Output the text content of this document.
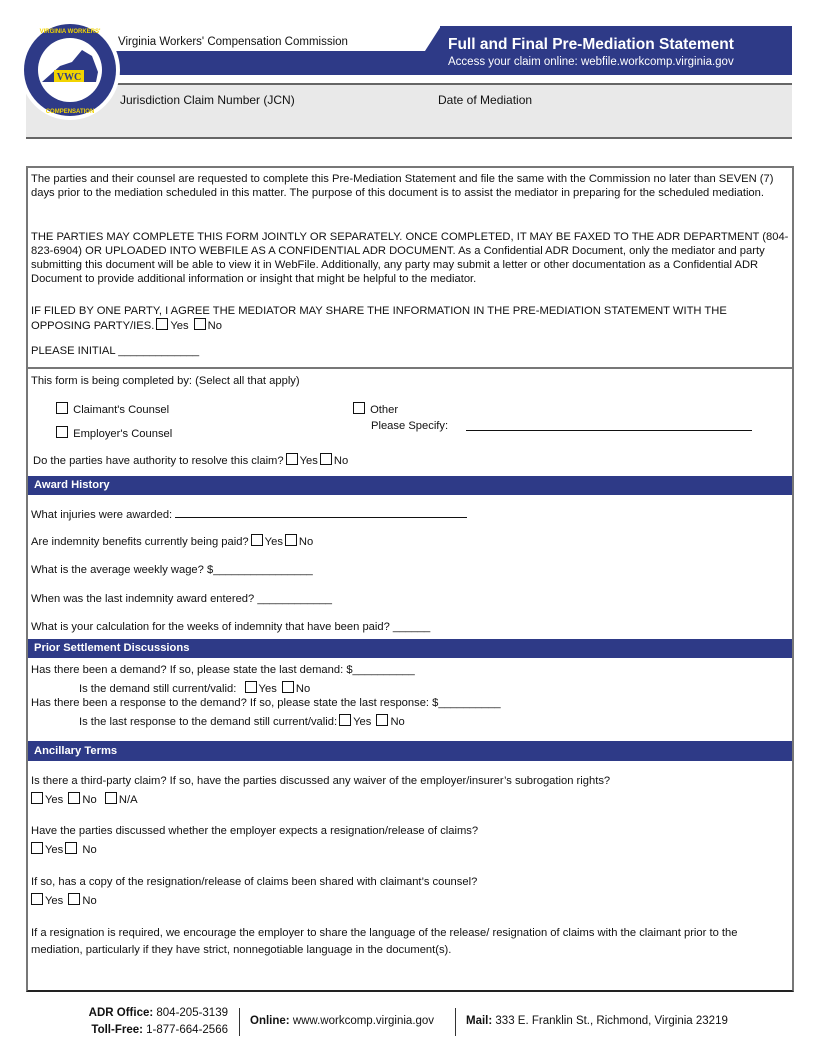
Virginia Workers' Compensation Commission	Full and Final Pre-Mediation Statement
Access your claim online: webfile.workcomp.virginia.gov
Jurisdiction Claim Number (JCN)	Date of Mediation
VWC
VIRGINIA WORKERS'
COMPENSATION
The parties and their counsel are requested to complete this Pre-Mediation Statement and file the same with the Commission no later than SEVEN (7) days prior to the mediation scheduled in this matter. The purpose of this document is to assist the mediator in preparing for the scheduled mediation.
THE PARTIES MAY COMPLETE THIS FORM JOINTLY OR SEPARATELY. ONCE COMPLETED, IT MAY BE FAXED TO THE ADR DEPARTMENT (804-823-6904) OR UPLOADED INTO WEBFILE AS A CONFIDENTIAL ADR DOCUMENT. As a Confidential ADR Document, only the mediator and party submitting this document will be able to view it in WebFile. Additionally, any party may submit a letter or other documentation as a Confidential ADR Document to provide additional information or insight that might be helpful to the mediator.
IF FILED BY ONE PARTY, I AGREE THE MEDIATOR MAY SHARE THE INFORMATION IN THE PRE-MEDIATION STATEMENT WITH THE OPPOSING PARTY/IES. Yes No
PLEASE INITIAL _____________
This form is being completed by: (Select all that apply)
Claimant's Counsel
Employer's Counsel
Other
Please Specify:
Do the parties have authority to resolve this claim? Yes No
Award History
What injuries were awarded:
Are indemnity benefits currently being paid? Yes No
What is the average weekly wage? $________________
When was the last indemnity award entered? ____________
What is your calculation for the weeks of indemnity that have been paid? ______
Prior Settlement Discussions
Has there been a demand? If so, please state the last demand: $__________
Is the demand still current/valid: Yes No
Has there been a response to the demand? If so, please state the last response: $__________
Is the last response to the demand still current/valid: Yes No
Ancillary Terms
Is there a third-party claim? If so, have the parties discussed any waiver of the employer/insurer’s subrogation rights?
Yes No N/A
Have the parties discussed whether the employer expects a resignation/release of claims?
Yes No
If so, has a copy of the resignation/release of claims been shared with claimant’s counsel?
Yes No
If a resignation is required, we encourage the employer to share the language of the release/ resignation of claims with the claimant prior to the mediation, particularly if they have strict, nonnegotiable language in the document(s).
ADR Office: 804-205-3139
Toll-Free: 1-877-664-2566
Online: www.workcomp.virginia.gov	Mail: 333 E. Franklin St., Richmond, Virginia 23219
